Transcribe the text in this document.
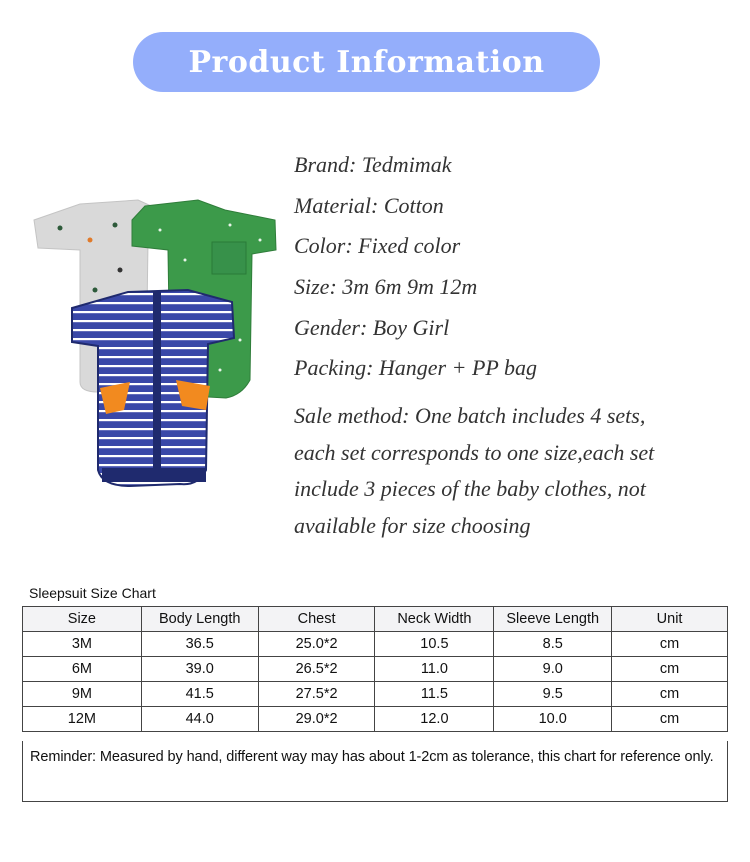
Product Information
Brand: Tedmimak
Material: Cotton
Color: Fixed color
Size: 3m 6m 9m 12m
Gender: Boy Girl
Packing: Hanger + PP bag
Sale method: One batch includes 4 sets,
each set corresponds to one size,each set
include 3 pieces of the baby clothes, not
available for size choosing
Sleepsuit Size Chart
Size	Body Length	Chest	Neck Width	Sleeve Length	Unit
3M	36.5	25.0*2	10.5	8.5	cm
6M	39.0	26.5*2	11.0	9.0	cm
9M	41.5	27.5*2	11.5	9.5	cm
12M	44.0	29.0*2	12.0	10.0	cm
Reminder: Measured by hand, different way may has about 1-2cm as tolerance, this chart for reference only.
